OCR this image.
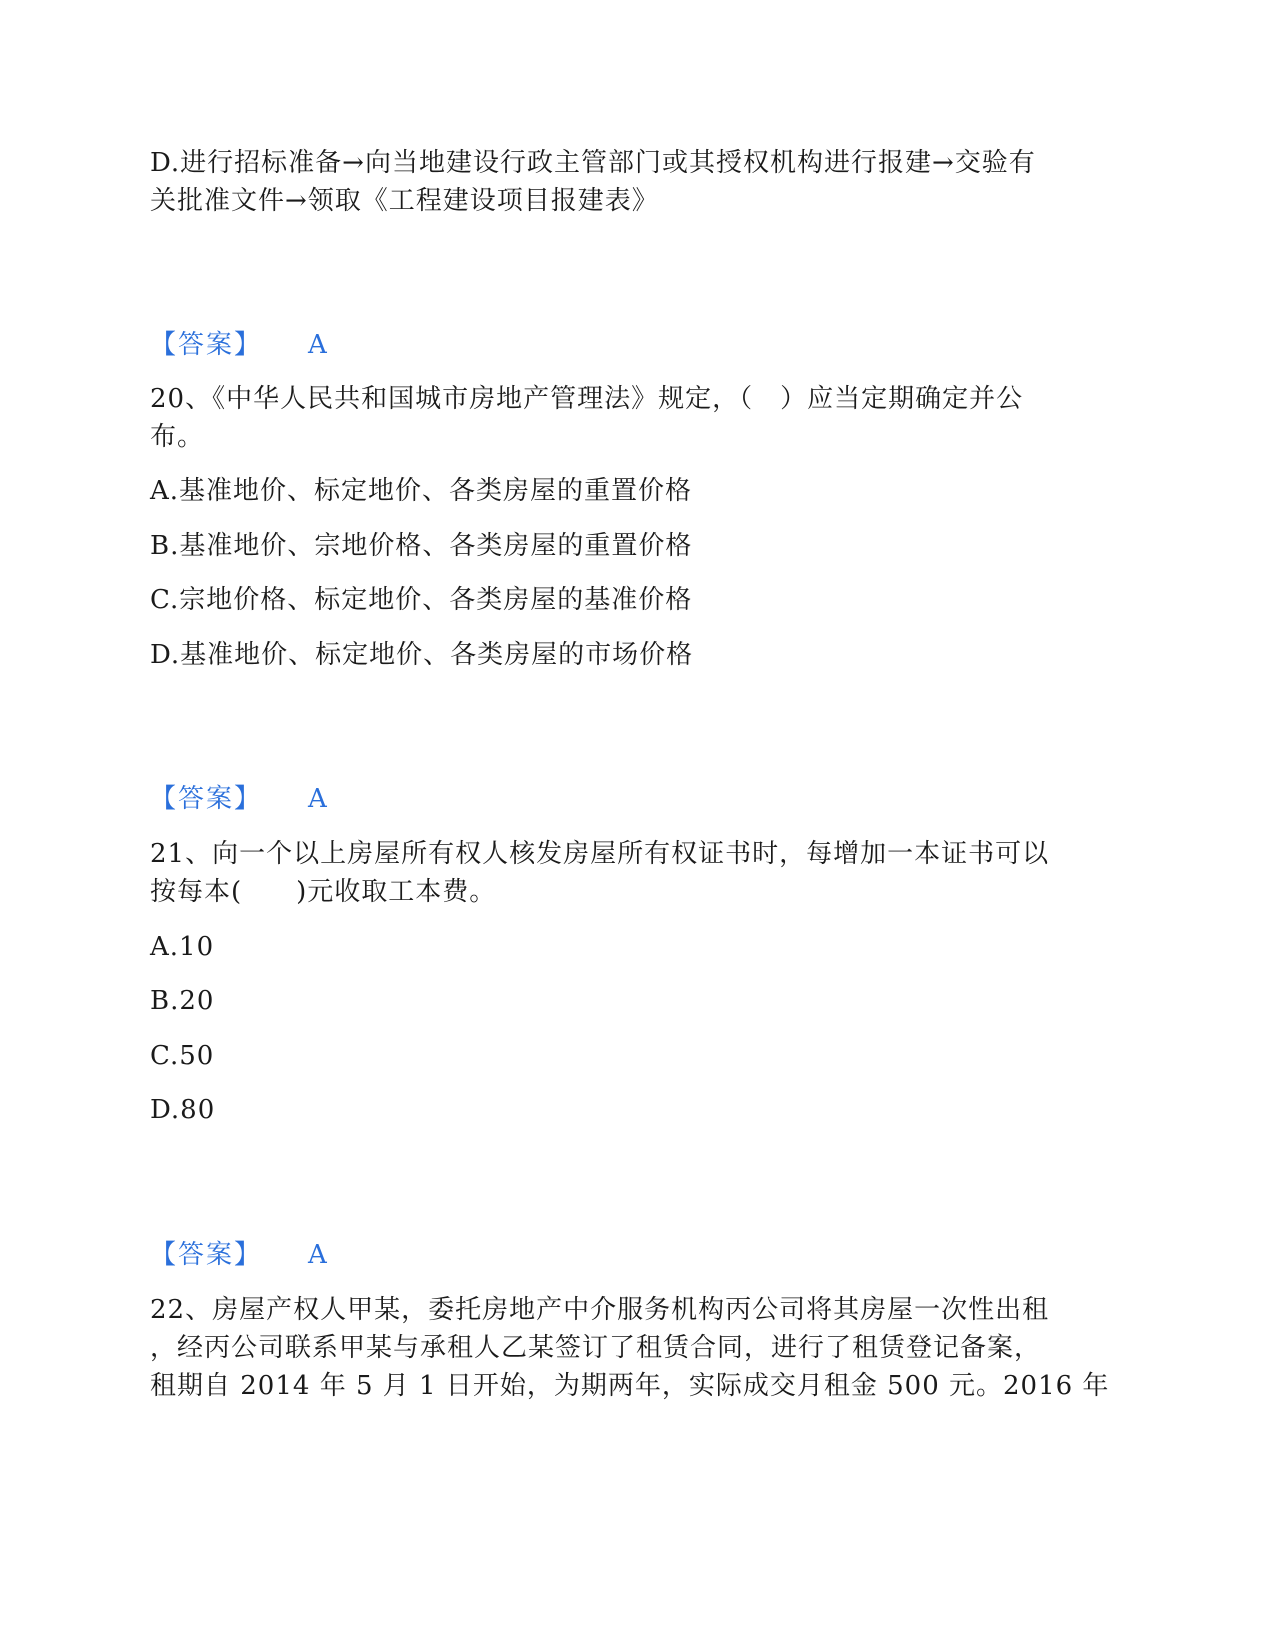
D.进行招标准备→向当地建设行政主管部门或其授权机构进行报建→交验有
关批准文件→领取《工程建设项目报建表》
【答案】 A
20、《中华人民共和国城市房地产管理法》规定，（　）应当定期确定并公
布。
A.基准地价、标定地价、各类房屋的重置价格
B.基准地价、宗地价格、各类房屋的重置价格
C.宗地价格、标定地价、各类房屋的基准价格
D.基准地价、标定地价、各类房屋的市场价格
【答案】 A
21、向一个以上房屋所有权人核发房屋所有权证书时，每增加一本证书可以
按每本(　　)元收取工本费。
A.10
B.20
C.50
D.80
【答案】 A
22、房屋产权人甲某，委托房地产中介服务机构丙公司将其房屋一次性出租
，经丙公司联系甲某与承租人乙某签订了租赁合同，进行了租赁登记备案，
租期自 2014 年 5 月 1 日开始，为期两年，实际成交月租金 500 元。2016 年
